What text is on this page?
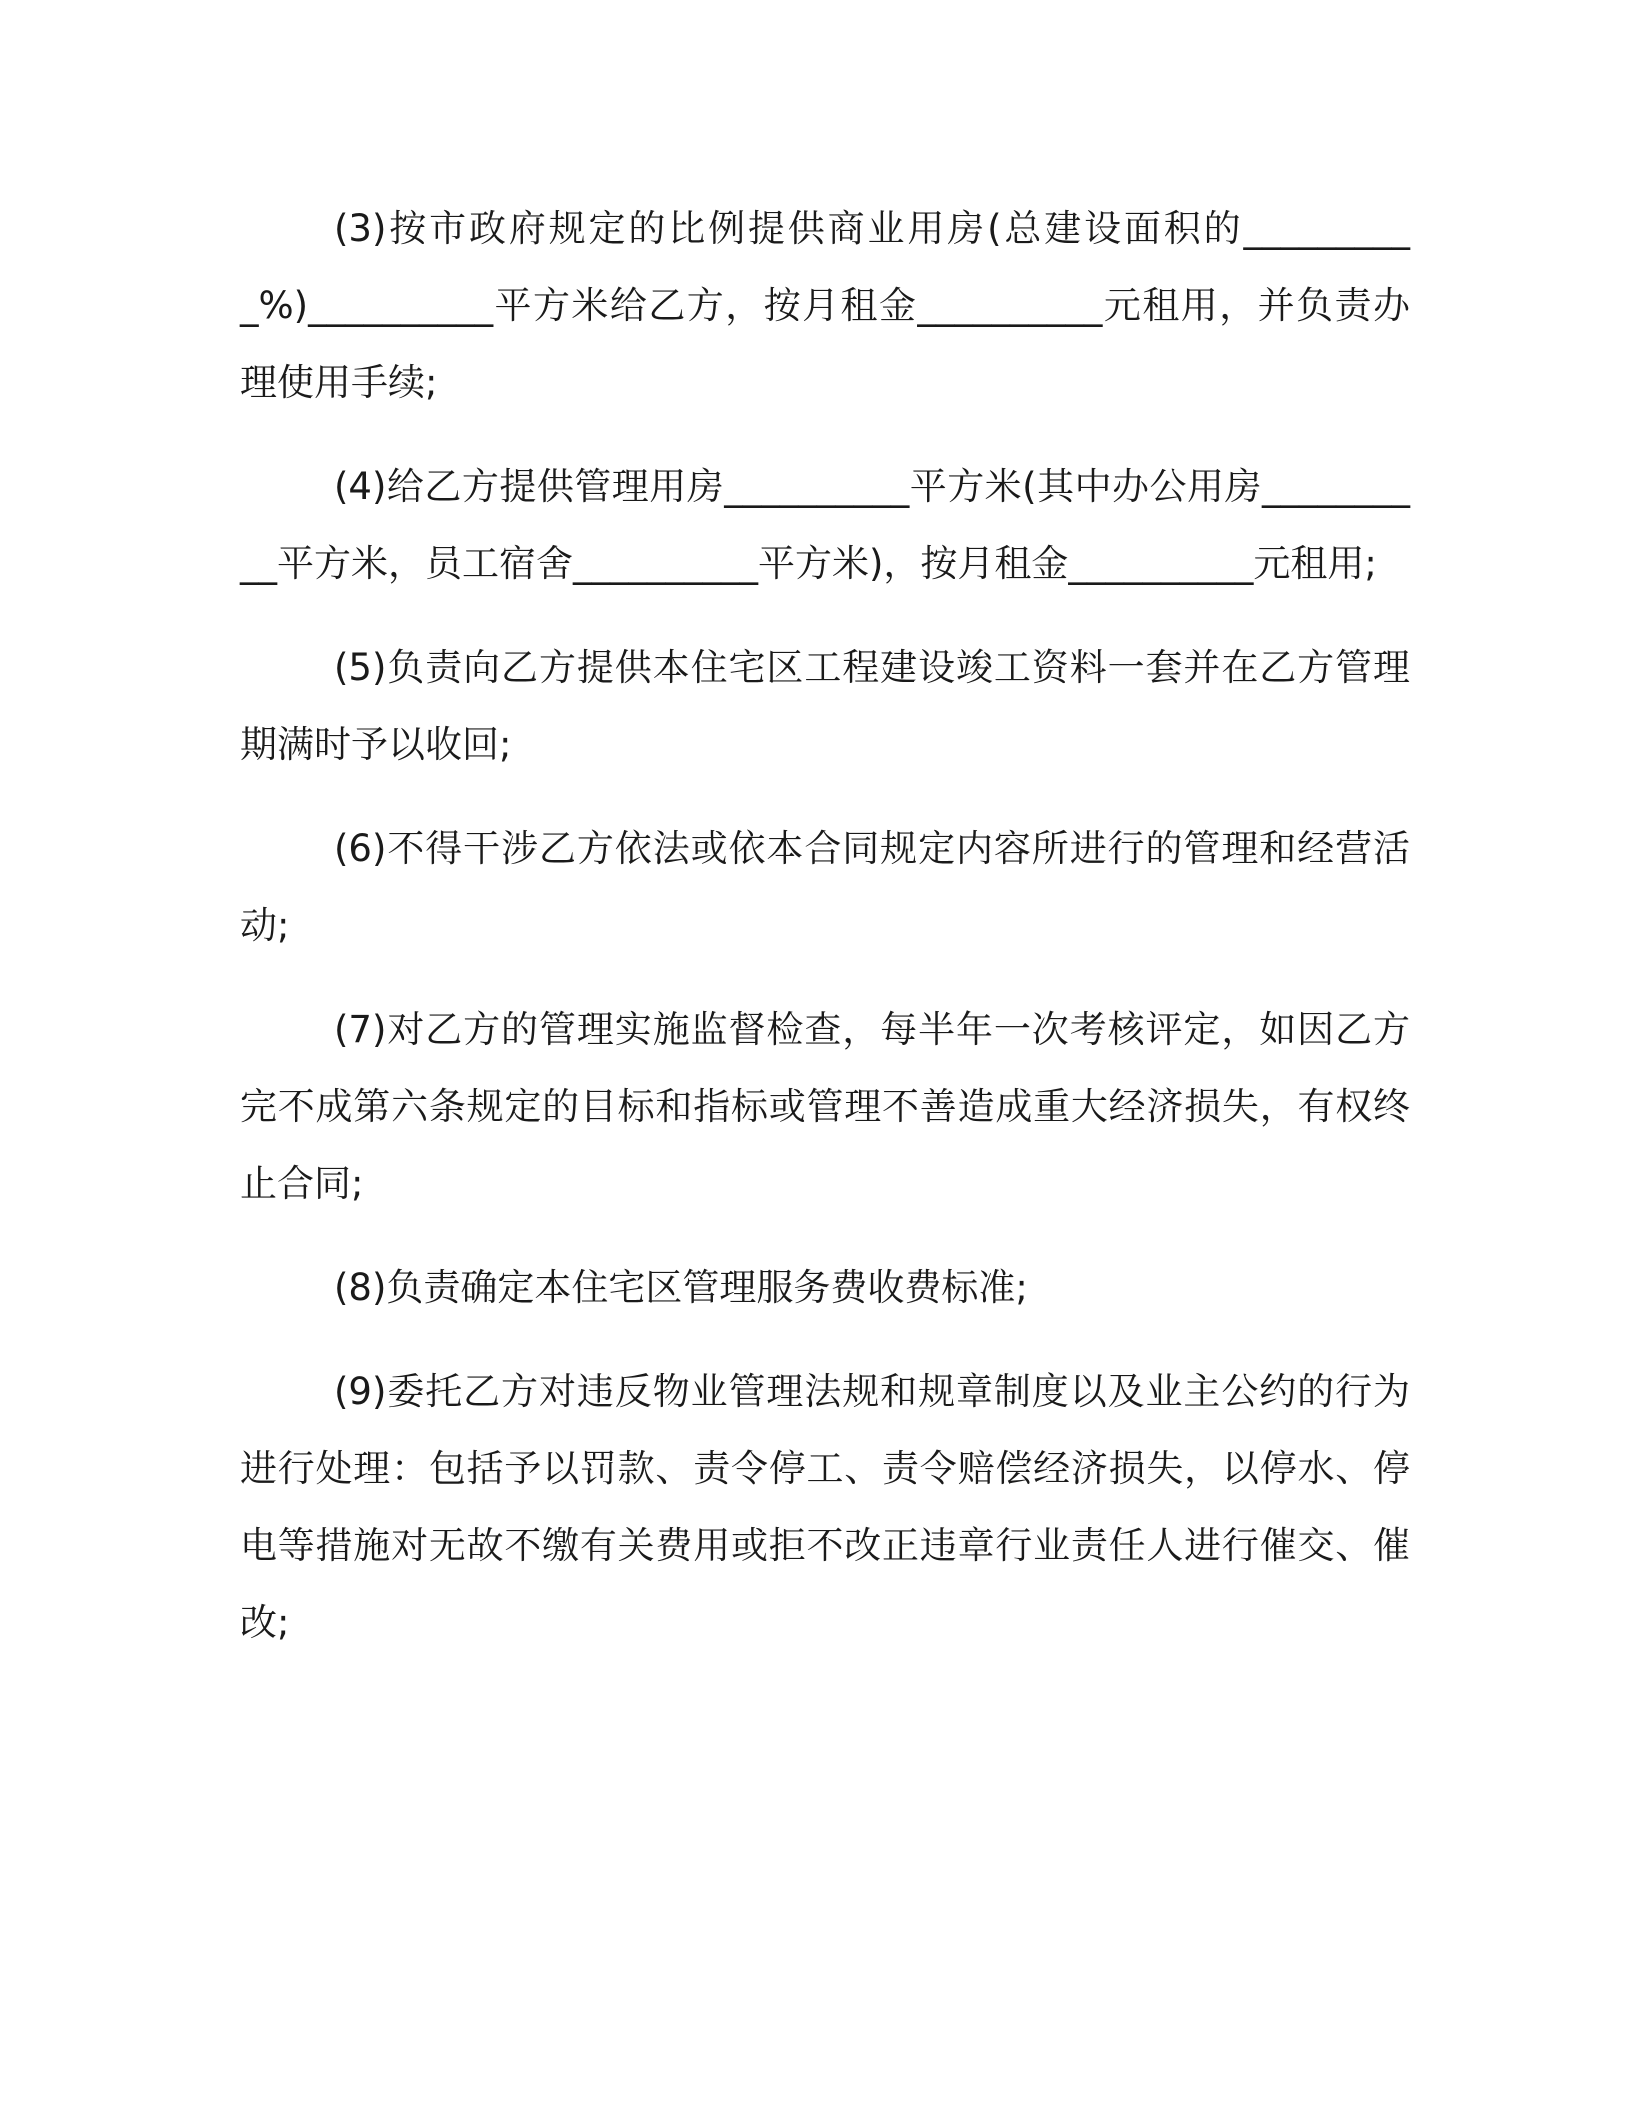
(3)按市政府规定的比例提供商业用房(总建设面积的__________%)__________平方米给乙方，按月租金__________元租用，并负责办理使用手续;

(4)给乙方提供管理用房__________平方米(其中办公用房__________平方米，员工宿舍__________平方米)，按月租金__________元租用;

(5)负责向乙方提供本住宅区工程建设竣工资料一套并在乙方管理期满时予以收回;

(6)不得干涉乙方依法或依本合同规定内容所进行的管理和经营活动;

(7)对乙方的管理实施监督检查，每半年一次考核评定，如因乙方完不成第六条规定的目标和指标或管理不善造成重大经济损失，有权终止合同;

(8)负责确定本住宅区管理服务费收费标准;

(9)委托乙方对违反物业管理法规和规章制度以及业主公约的行为进行处理：包括予以罚款、责令停工、责令赔偿经济损失，以停水、停电等措施对无故不缴有关费用或拒不改正违章行业责任人进行催交、催改;
